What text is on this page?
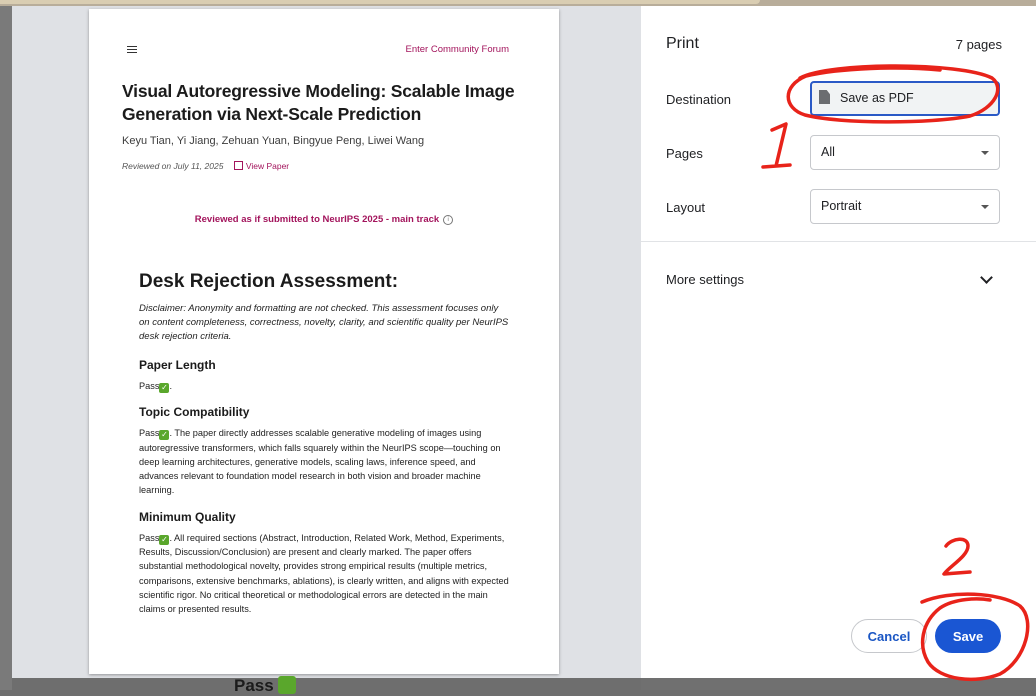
Enter Community Forum
Visual Autoregressive Modeling: Scalable Image Generation via Next-Scale Prediction
Keyu Tian, Yi Jiang, Zehuan Yuan, Bingyue Peng, Liwei Wang
Reviewed on July 11, 2025	View Paper
Reviewed as if submitted to NeurIPS 2025 - main track i
Desk Rejection Assessment:

Disclaimer: Anonymity and formatting are not checked. This assessment focuses only on content completeness, correctness, novelty, clarity, and scientific quality per NeurIPS desk rejection criteria.

Paper Length

Pass ✓ .

Topic Compatibility

Pass ✓ . The paper directly addresses scalable generative modeling of images using autoregressive transformers, which falls squarely within the NeurIPS scope—touching on deep learning architectures, generative models, scaling laws, inference speed, and advances relevant to foundation model research in both vision and broader machine learning.

Minimum Quality

Pass ✓ . All required sections (Abstract, Introduction, Related Work, Method, Experiments, Results, Discussion/Conclusion) are present and clearly marked. The paper offers substantial methodological novelty, provides strong empirical results (multiple metrics, comparisons, extensive benchmarks, ablations), is clearly written, and aligns with expected scientific rigor. No critical theoretical or methodological errors are detected in the main claims or presented results.

Pass
Print	7 pages
Destination	Save as PDF
Pages	All
Layout	Portrait
More settings
Cancel	Save
